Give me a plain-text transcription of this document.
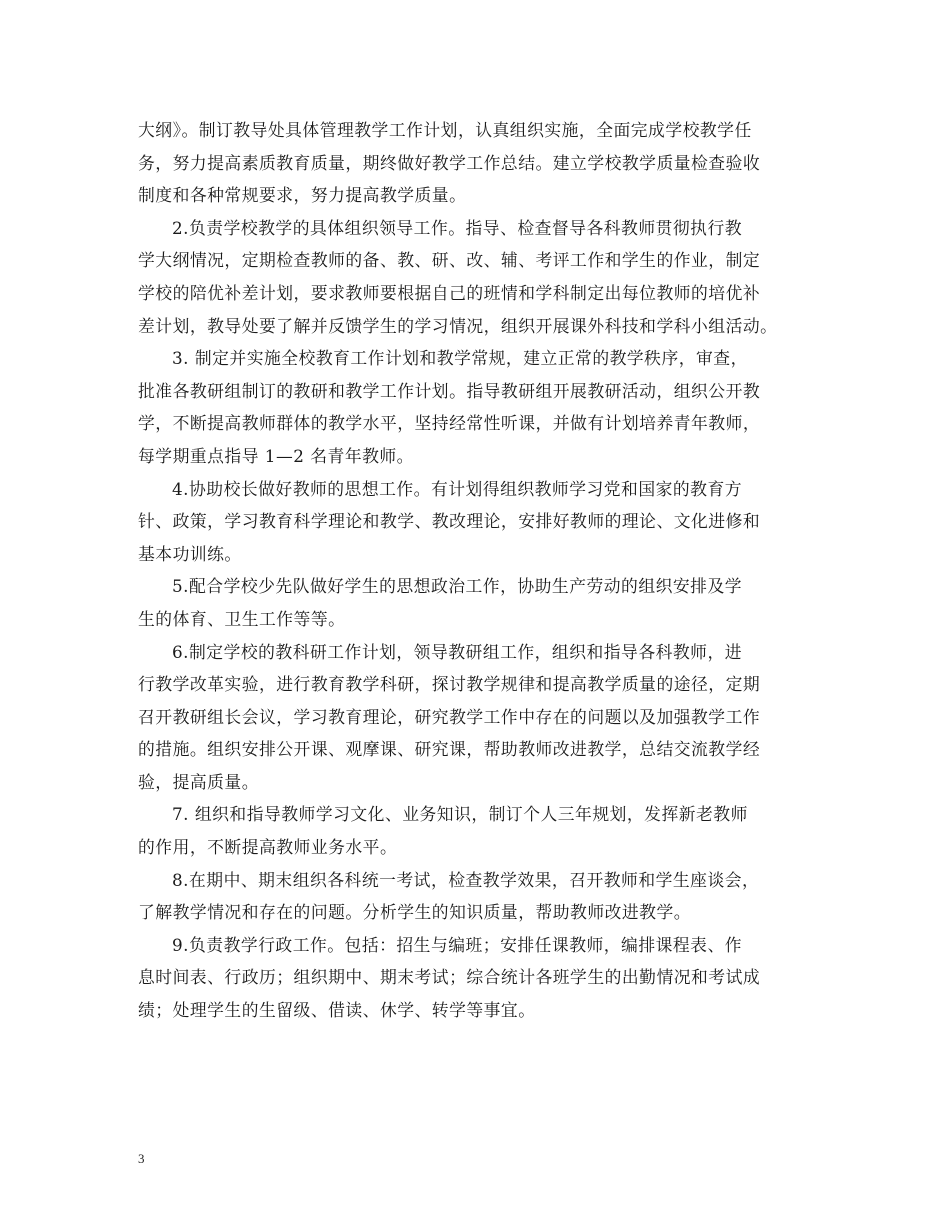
大纲》。制订教导处具体管理教学工作计划，认真组织实施，全面完成学校教学任
务，努力提高素质教育质量，期终做好教学工作总结。建立学校教学质量检查验收
制度和各种常规要求，努力提高教学质量。
2.负责学校教学的具体组织领导工作。指导、检查督导各科教师贯彻执行教
学大纲情况，定期检查教师的备、教、研、改、辅、考评工作和学生的作业，制定
学校的陪优补差计划，要求教师要根据自己的班情和学科制定出每位教师的培优补
差计划，教导处要了解并反馈学生的学习情况，组织开展课外科技和学科小组活动。
3. 制定并实施全校教育工作计划和教学常规，建立正常的教学秩序，审查，
批准各教研组制订的教研和教学工作计划。指导教研组开展教研活动，组织公开教
学，不断提高教师群体的教学水平，坚持经常性听课，并做有计划培养青年教师，
每学期重点指导 1—2 名青年教师。
4.协助校长做好教师的思想工作。有计划得组织教师学习党和国家的教育方
针、政策，学习教育科学理论和教学、教改理论，安排好教师的理论、文化进修和
基本功训练。
5.配合学校少先队做好学生的思想政治工作，协助生产劳动的组织安排及学
生的体育、卫生工作等等。
6.制定学校的教科研工作计划，领导教研组工作，组织和指导各科教师，进
行教学改革实验，进行教育教学科研，探讨教学规律和提高教学质量的途径，定期
召开教研组长会议，学习教育理论，研究教学工作中存在的问题以及加强教学工作
的措施。组织安排公开课、观摩课、研究课，帮助教师改进教学，总结交流教学经
验，提高质量。
7. 组织和指导教师学习文化、业务知识，制订个人三年规划，发挥新老教师
的作用，不断提高教师业务水平。
8.在期中、期末组织各科统一考试，检查教学效果，召开教师和学生座谈会，
了解教学情况和存在的问题。分析学生的知识质量，帮助教师改进教学。
9.负责教学行政工作。包括：招生与编班；安排任课教师，编排课程表、作
息时间表、行政历；组织期中、期末考试；综合统计各班学生的出勤情况和考试成
绩；处理学生的生留级、借读、休学、转学等事宜。
3
